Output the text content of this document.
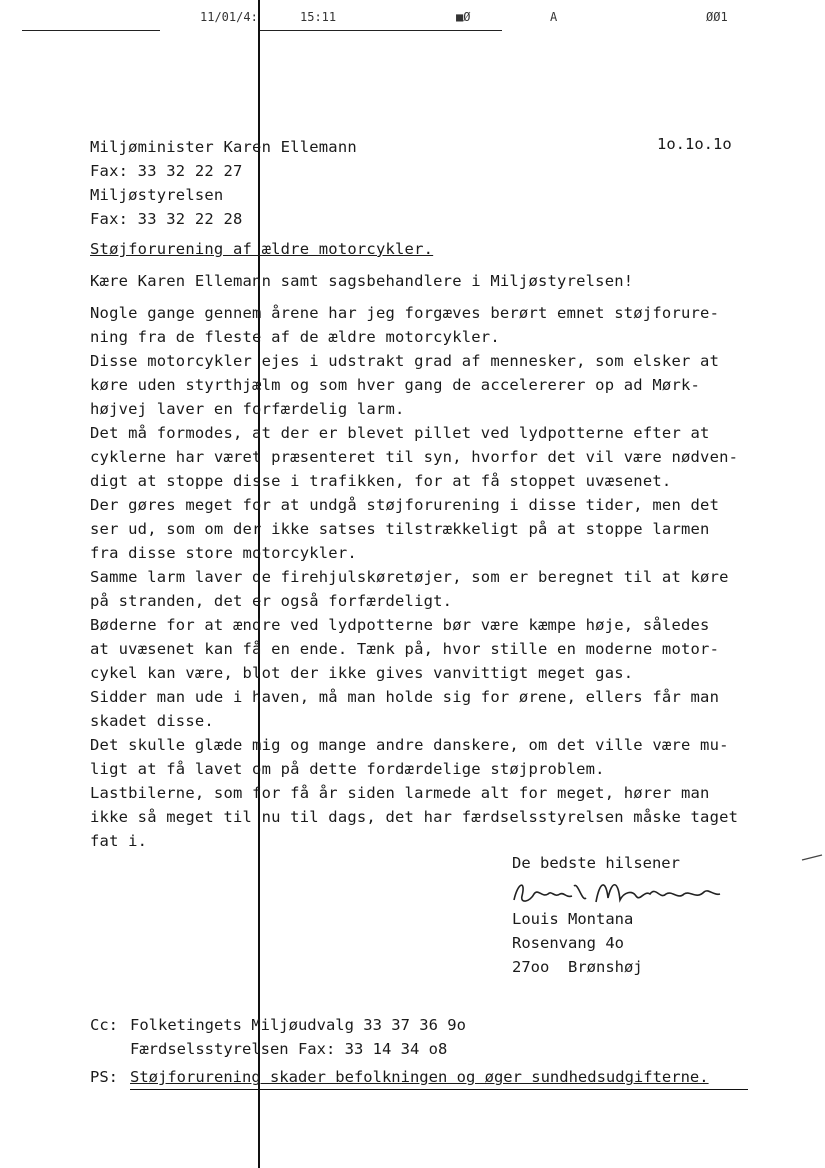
11/01/4:	15:11	■Ø	A	ØØ1
Miljøminister Karen Ellemann
Fax: 33 32 22 27
Miljøstyrelsen
Fax: 33 32 22 28
1o.1o.1o
Støjforurening af ældre motorcykler.
Kære Karen Ellemann samt sagsbehandlere i Miljøstyrelsen!
Nogle gange gennem årene har jeg forgæves berørt emnet støjforure-
ning fra de fleste af de ældre motorcykler.
Disse motorcykler ejes i udstrakt grad af mennesker, som elsker at
køre uden styrthjælm og som hver gang de accelererer op ad Mørk-
højvej laver en forfærdelig larm.
Det må formodes, at der er blevet pillet ved lydpotterne efter at
cyklerne har været præsenteret til syn, hvorfor det vil være nødven-
digt at stoppe disse i trafikken, for at få stoppet uvæsenet.
Der gøres meget for at undgå støjforurening i disse tider, men det
ser ud, som om der ikke satses tilstrækkeligt på at stoppe larmen
fra disse store motorcykler.
Samme larm laver de firehjulskøretøjer, som er beregnet til at køre
på stranden, det er også forfærdeligt.
Bøderne for at ændre ved lydpotterne bør være kæmpe høje, således
at uvæsenet kan få en ende. Tænk på, hvor stille en moderne motor-
cykel kan være, blot der ikke gives vanvittigt meget gas.
Sidder man ude i haven, må man holde sig for ørene, ellers får man
skadet disse.
Det skulle glæde mig og mange andre danskere, om det ville være mu-
ligt at få lavet om på dette fordærdelige støjproblem.
Lastbilerne, som for få år siden larmede alt for meget, hører man
ikke så meget til nu til dags, det har færdselsstyrelsen måske taget
fat i.
De bedste hilsener
Louis Montana
Rosenvang 4o
27oo  Brønshøj
Cc: Folketingets Miljøudvalg 33 37 36 9o
Færdselsstyrelsen Fax: 33 14 34 o8
PS: Støjforurening skader befolkningen og øger sundhedsudgifterne.
